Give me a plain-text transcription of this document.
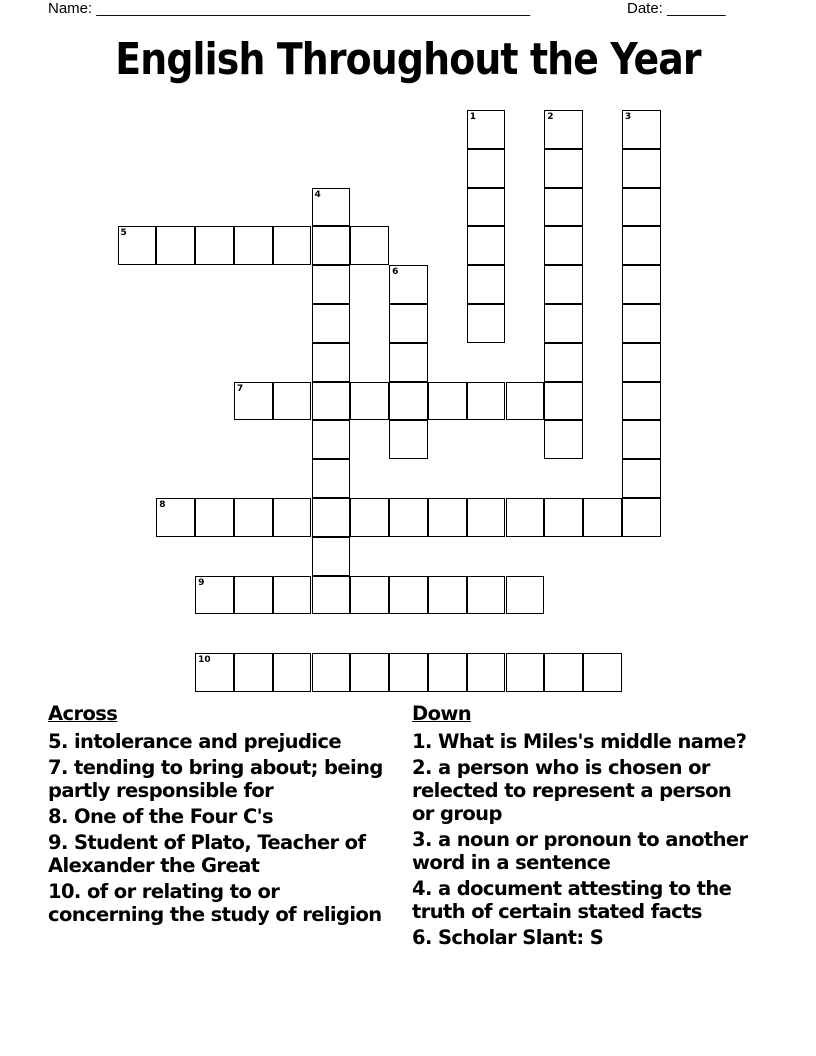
Name: ____________________________________________________	Date: _______
English Throughout the Year
1	2	3
4
5
6
7
8
9
10
Across
5. intolerance and prejudice
7. tending to bring about; being partly responsible for
8. One of the Four C's
9. Student of Plato, Teacher of Alexander the Great
10. of or relating to or concerning the study of religion
Down
1. What is Miles's middle name?
2. a person who is chosen or relected to represent a person or group
3. a noun or pronoun to another word in a sentence
4. a document attesting to the truth of certain stated facts
6. Scholar Slant: S
